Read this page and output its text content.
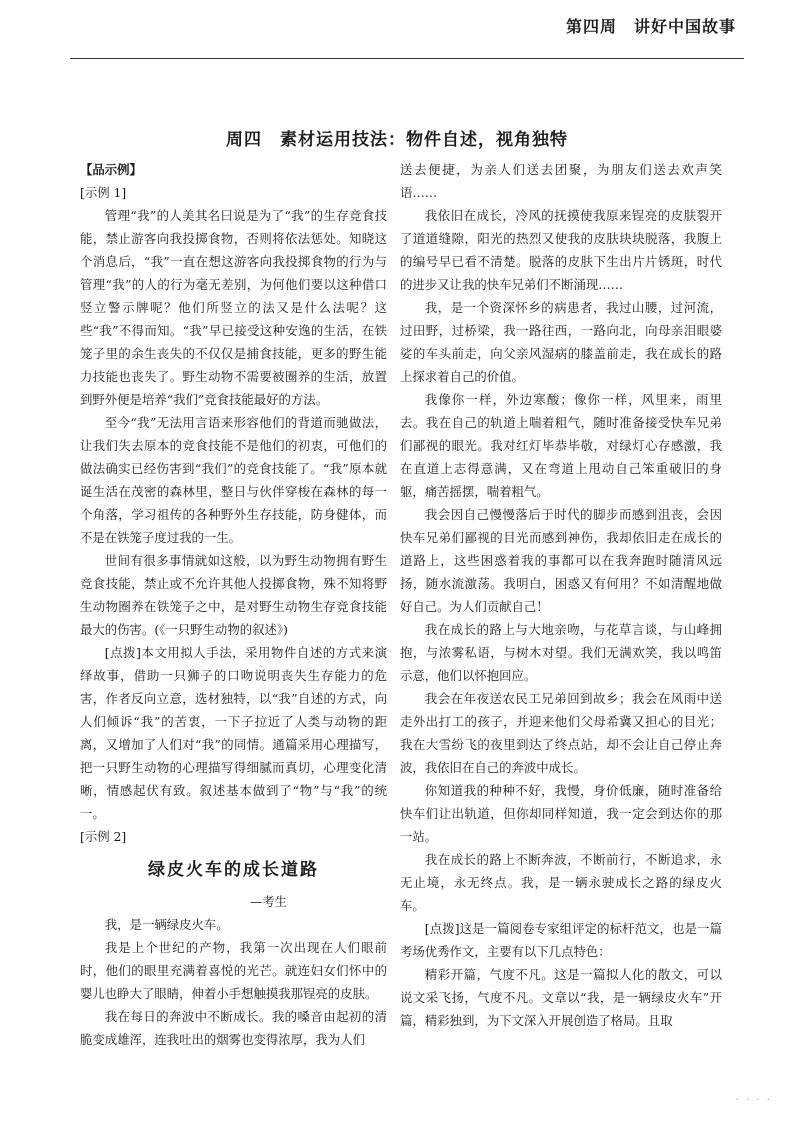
第四周　讲好中国故事
周四　素材运用技法：物件自述，视角独特

【品示例】

[示例 1]

管理“我”的人美其名曰说是为了“我”的生存竞食技能，禁止游客向我投掷食物，否则将依法惩处。知晓这个消息后，“我”一直在想这游客向我投掷食物的行为与管理“我”的人的行为毫无差别，为何他们要以这种借口竖立警示牌呢？他们所竖立的法又是什么法呢？这些“我”不得而知。“我”早已接受这种安逸的生活，在铁笼子里的余生丧失的不仅仅是捕食技能，更多的野生能力技能也丧失了。野生动物不需要被圈养的生活，放置到野外便是培养“我们”竞食技能最好的方法。

至今“我”无法用言语来形容他们的背道而驰做法，让我们失去原本的竞食技能不是他们的初衷，可他们的做法确实已经伤害到“我们”的竞食技能了。“我”原本就诞生活在茂密的森林里，整日与伙伴穿梭在森林的每一个角落，学习祖传的各种野外生存技能，防身健体，而不是在铁笼子度过我的一生。

世间有很多事情就如这般，以为野生动物拥有野生竞食技能，禁止或不允许其他人投掷食物，殊不知将野生动物圈养在铁笼子之中，是对野生动物生存竞食技能最大的伤害。(《一只野生动物的叙述》)

[点拨]本文用拟人手法，采用物件自述的方式来演绎故事，借助一只狮子的口吻说明丧失生存能力的危害，作者反向立意，选材独特，以“我”自述的方式，向人们倾诉“我”的苦衷，一下子拉近了人类与动物的距离，又增加了人们对“我”的同情。通篇采用心理描写，把一只野生动物的心理描写得细腻而真切，心理变化清晰，情感起伏有致。叙述基本做到了“物”与“我”的统一。

[示例 2]

绿皮火车的成长道路
—考生

我，是一辆绿皮火车。

我是上个世纪的产物，我第一次出现在人们眼前时，他们的眼里充满着喜悦的光芒。就连妇女们怀中的婴儿也睁大了眼睛，伸着小手想触摸我那锃亮的皮肤。

我在每日的奔波中不断成长。我的嗓音由起初的清脆变成雄浑，连我吐出的烟雾也变得浓厚，我为人们

送去便捷，为亲人们送去团聚，为朋友们送去欢声笑语……

我依旧在成长，冷风的抚摸使我原来锃亮的皮肤裂开了道道缝隙，阳光的热烈又使我的皮肤块块脱落，我腹上的编号早已看不清楚。脱落的皮肤下生出片片锈斑，时代的进步又让我的快车兄弟们不断涌现……

我，是一个资深怀乡的病患者，我过山腰，过河流，过田野，过桥梁，我一路往西，一路向北，向母亲泪眼婆娑的车头前走，向父亲风湿病的膝盖前走，我在成长的路上探求着自己的价值。

我像你一样，外边寒酸；像你一样，风里来，雨里去。我在自己的轨道上喘着粗气，随时准备接受快车兄弟们鄙视的眼光。我对红灯毕恭毕敬，对绿灯心存感激，我在直道上志得意满，又在弯道上甩动自己笨重破旧的身躯，痛苦摇摆，喘着粗气。

我会因自己慢慢落后于时代的脚步而感到沮丧，会因快车兄弟们鄙视的目光而感到神伤，我却依旧走在成长的道路上，这些困惑着我的事都可以在我奔跑时随清风远扬，随水流激荡。我明白，困惑又有何用？不如清醒地做好自己。为人们贡献自己！

我在成长的路上与大地亲吻，与花草言谈，与山峰拥抱，与浓雾私语，与树木对望。我们无满欢笑，我以鸣笛示意，他们以怀抱回应。

我会在年夜送农民工兄弟回到故乡；我会在风雨中送走外出打工的孩子，并迎来他们父母希冀又担心的目光；我在大雪纷飞的夜里到达了终点站，却不会让自己停止奔波，我依旧在自己的奔波中成长。

你知道我的种种不好，我慢，身价低廉，随时准备给快车们让出轨道，但你却同样知道，我一定会到达你的那一站。

我在成长的路上不断奔波，不断前行，不断追求，永无止境，永无终点。我，是一辆永驶成长之路的绿皮火车。

[点拨]这是一篇阅卷专家组评定的标杆范文，也是一篇考场优秀作文，主要有以下几点特色：

精彩开篇，气度不凡。这是一篇拟人化的散文，可以说文采飞扬，气度不凡。文章以“我，是一辆绿皮火车”开篇，精彩独到，为下文深入开展创造了格局。且取

· · · ·
